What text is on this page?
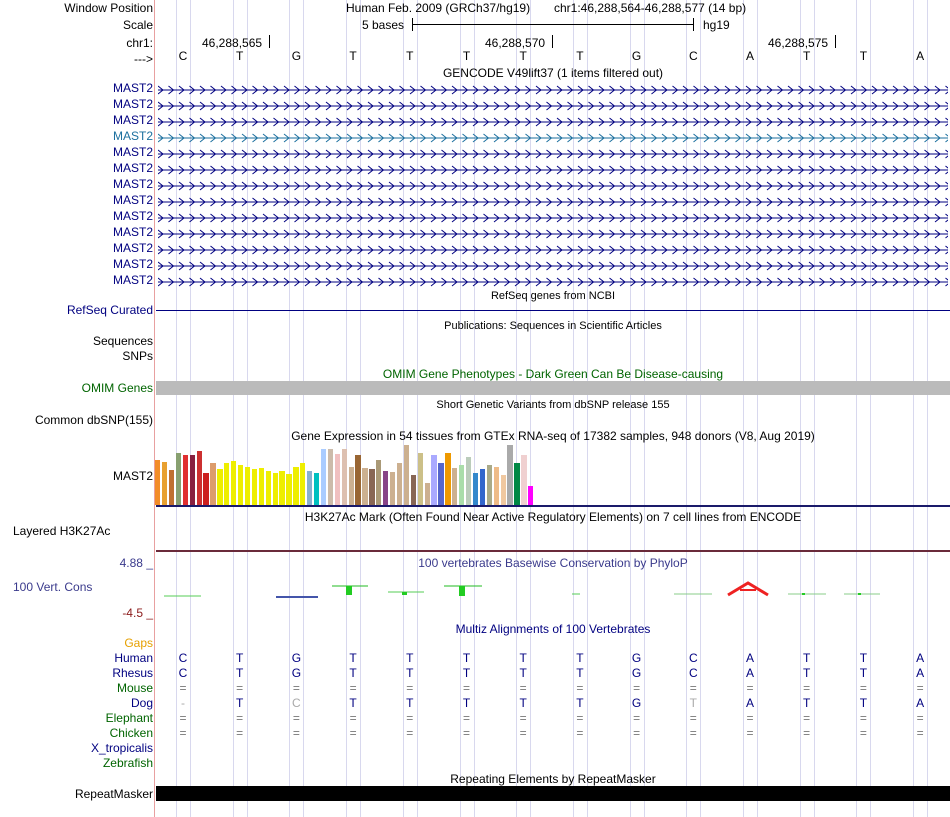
Window Position
Scale
chr1:
--->
Human Feb. 2009 (GRCh37/hg19) chr1:46,288,564-46,288,577 (14 bp)
5 bases	hg19
46,288,565	46,288,570	46,288,575
C	T	G	T	T	T	T	T	G	C	A	T	T	A
GENCODE V49lift37 (1 items filtered out)
MAST2
MAST2
MAST2
MAST2
MAST2
MAST2
MAST2
MAST2
MAST2
MAST2
MAST2
MAST2
MAST2
RefSeq genes from NCBI
RefSeq Curated
Publications: Sequences in Scientific Articles
Sequences
SNPs
OMIM Gene Phenotypes - Dark Green Can Be Disease-causing
OMIM Genes
Short Genetic Variants from dbSNP release 155
Common dbSNP(155)
Gene Expression in 54 tissues from GTEx RNA-seq of 17382 samples, 948 donors (V8, Aug 2019)
MAST2
H3K27Ac Mark (Often Found Near Active Regulatory Elements) on 7 cell lines from ENCODE
Layered H3K27Ac
100 vertebrates Basewise Conservation by PhyloP
4.88 _
100 Vert. Cons
-4.5 _
Multiz Alignments of 100 Vertebrates
Gaps
Human C	T	G	T	T	T	T	T	G	C	A	T	T	A
Rhesus C	T	G	T	T	T	T	T	G	C	A	T	T	A
Mouse =	=	=	=	=	=	=	=	=	=	=	=	=	=
Dog	-	T	C	T	T	T	T	T	G	T	A	T	T	A
Elephant =	=	=	=	=	=	=	=	=	=	=	=	=	=
Chicken =	=	=	=	=	=	=	=	=	=	=	=	=	=
X_tropicalis
Zebrafish
Repeating Elements by RepeatMasker
RepeatMasker
